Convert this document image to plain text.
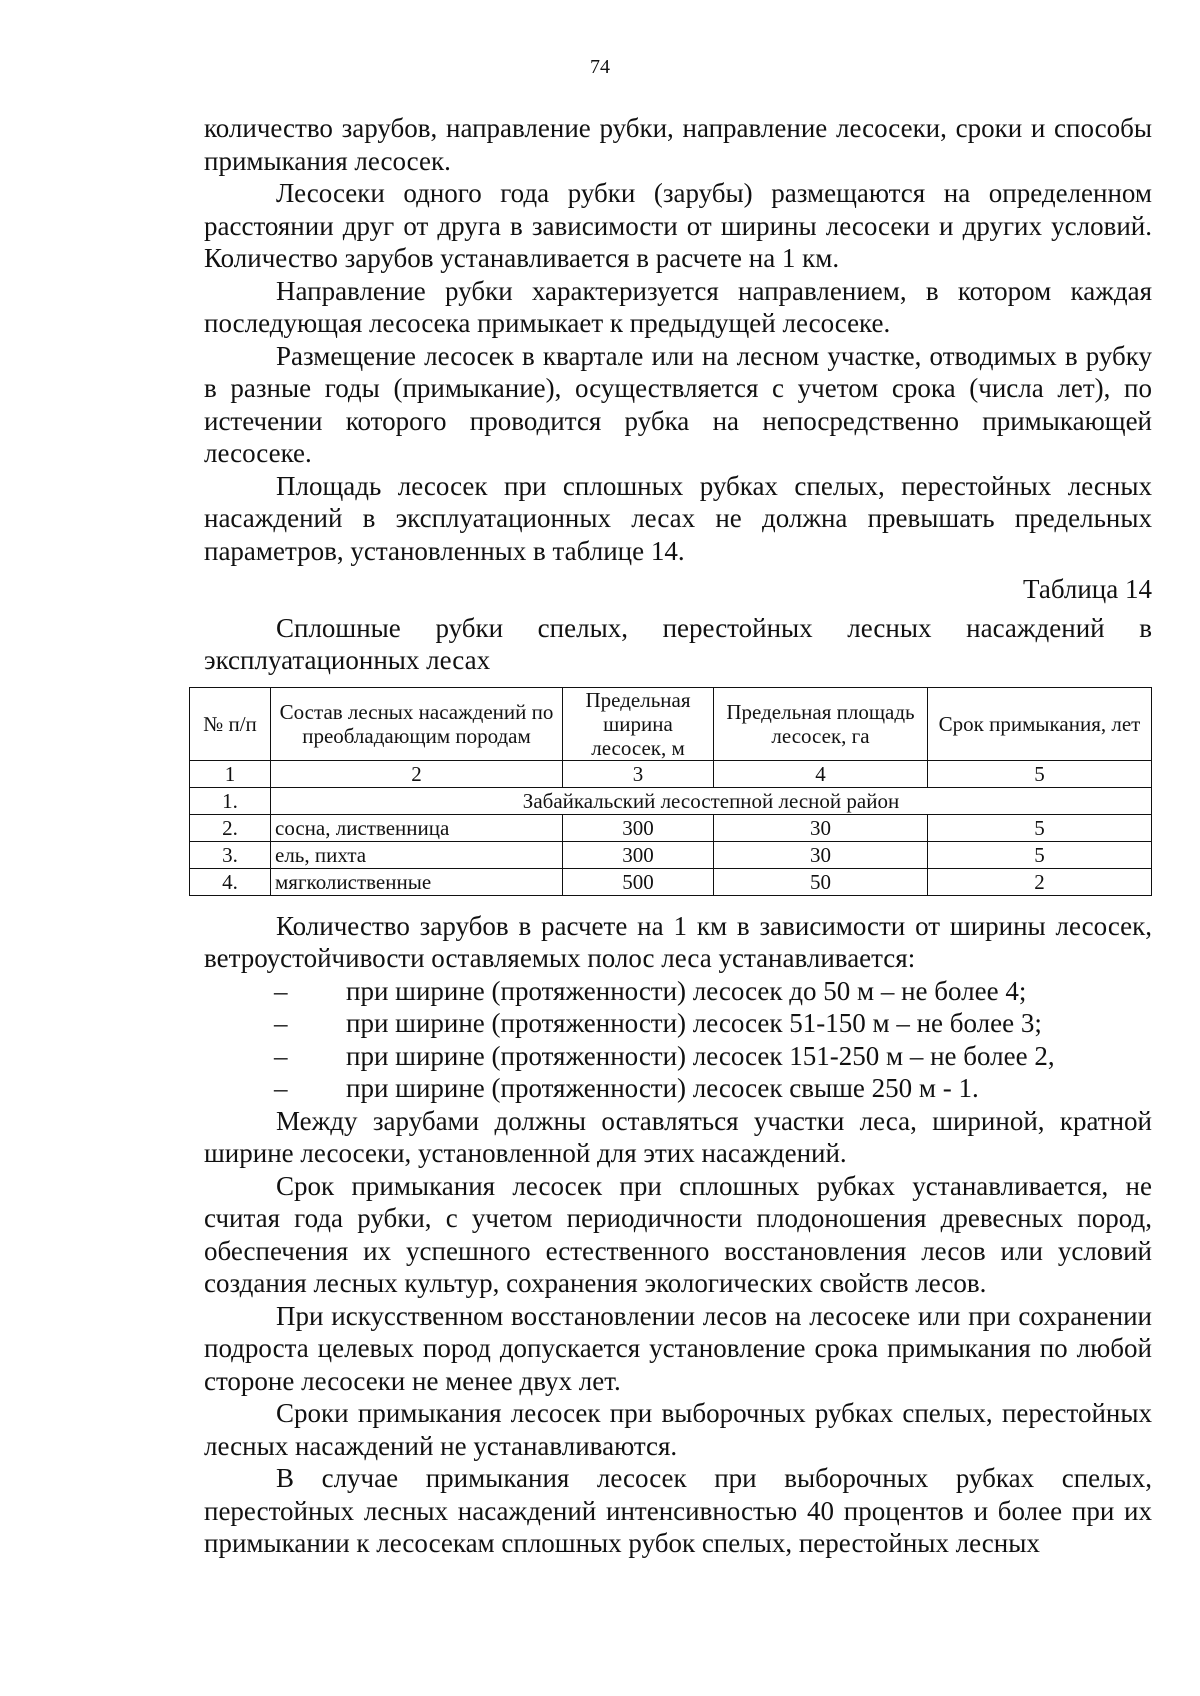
74

количество зарубов, направление рубки, направление лесосеки, сроки и способы примыкания лесосек.

Лесосеки одного года рубки (зарубы) размещаются на определенном расстоянии друг от друга в зависимости от ширины лесосеки и других условий. Количество зарубов устанавливается в расчете на 1 км.

Направление рубки характеризуется направлением, в котором каждая последующая лесосека примыкает к предыдущей лесосеке.

Размещение лесосек в квартале или на лесном участке, отводимых в рубку в разные годы (примыкание), осуществляется с учетом срока (числа лет), по истечении которого проводится рубка на непосредственно примыкающей лесосеке.

Площадь лесосек при сплошных рубках спелых, перестойных лесных насаждений в эксплуатационных лесах не должна превышать предельных параметров, установленных в таблице 14.

Таблица 14

Сплошные рубки спелых, перестойных лесных насаждений в эксплуатационных лесах

№ п/п	Состав лесных насаждений по преобладающим породам	Предельная ширина лесосек, м	Предельная площадь лесосек, га	Срок примыкания, лет
1	2	3	4	5
1.	Забайкальский лесостепной лесной район			
2.	сосна, лиственница	300	30	5
3.	ель, пихта	300	30	5
4.	мягколиственные	500	50	2

Количество зарубов в расчете на 1 км в зависимости от ширины лесосек, ветроустойчивости оставляемых полос леса устанавливается:

– при ширине (протяженности) лесосек до 50 м – не более 4;
– при ширине (протяженности) лесосек 51-150 м – не более 3;
– при ширине (протяженности) лесосек 151-250 м – не более 2,
– при ширине (протяженности) лесосек свыше 250 м - 1.

Между зарубами должны оставляться участки леса, шириной, кратной ширине лесосеки, установленной для этих насаждений.

Срок примыкания лесосек при сплошных рубках устанавливается, не считая года рубки, с учетом периодичности плодоношения древесных пород, обеспечения их успешного естественного восстановления лесов или условий создания лесных культур, сохранения экологических свойств лесов.

При искусственном восстановлении лесов на лесосеке или при сохранении подроста целевых пород допускается установление срока примыкания по любой стороне лесосеки не менее двух лет.

Сроки примыкания лесосек при выборочных рубках спелых, перестойных лесных насаждений не устанавливаются.

В случае примыкания лесосек при выборочных рубках спелых, перестойных лесных насаждений интенсивностью 40 процентов и более при их примыкании к лесосекам сплошных рубок спелых, перестойных лесных
